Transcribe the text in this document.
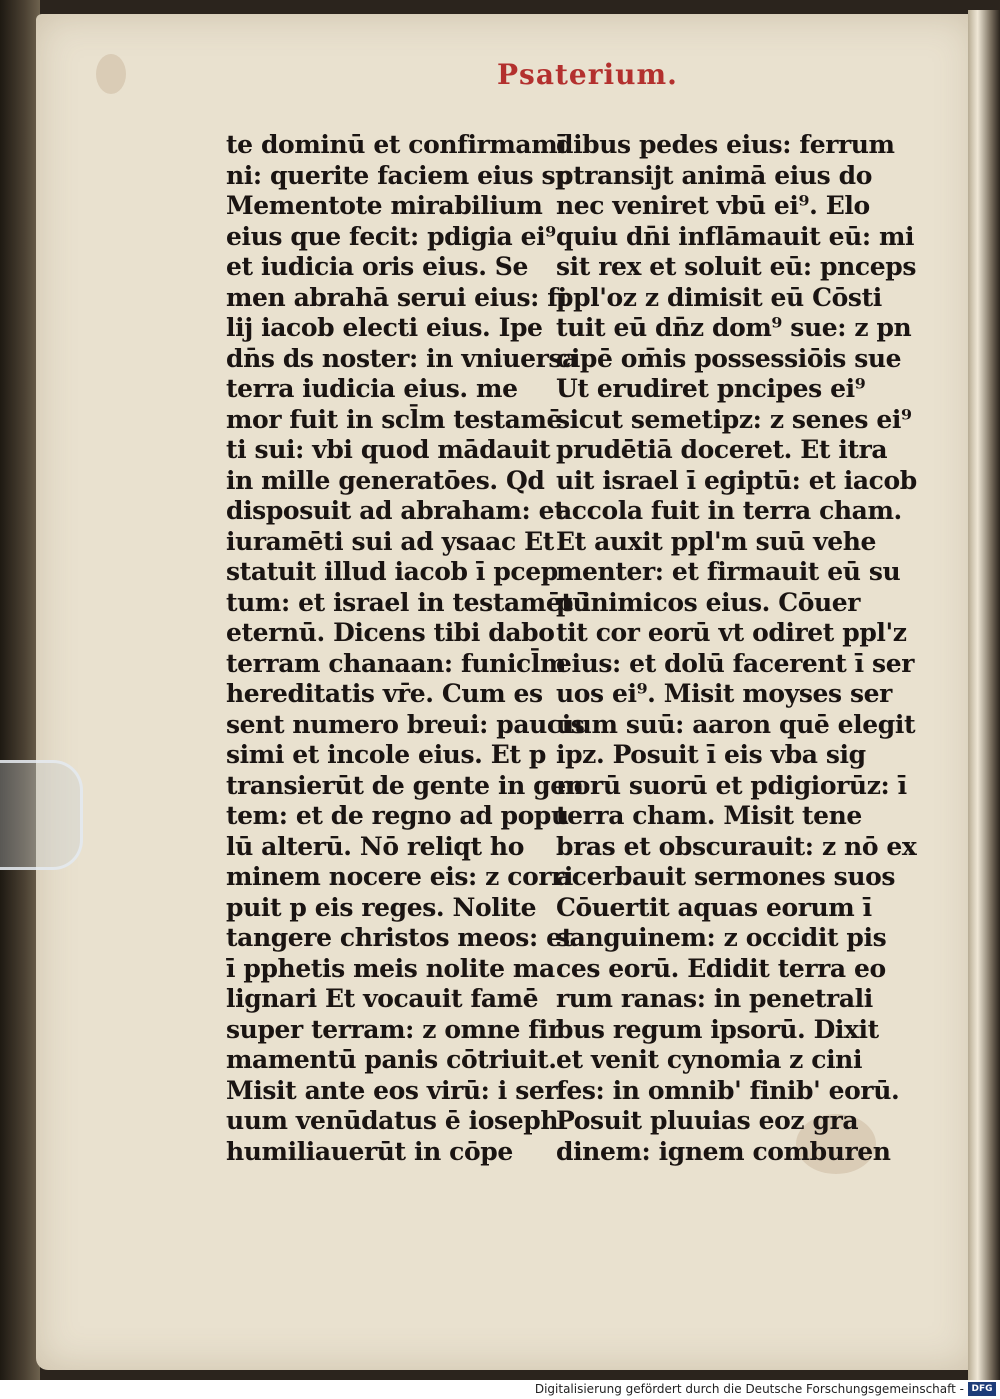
Psaterium.
te dominū et confirmamī
ni: querite faciem eius sp
Mementote mirabilium
eius que fecit: pdigia ei⁹
et iudicia oris eius. Se
men abrahā serui eius: fi
lij iacob electi eius. Ipe
dn̄s ds noster: in vniuersa
terra iudicia eius. me
mor fuit in scl̄m testamē
ti sui: vbi quod mādauit
in mille generatōes. Qd
disposuit ad abraham: et
iuramēti sui ad ysaac Et
statuit illud iacob ī pcep
tum: et israel in testamētū
eternū. Dicens tibi dabo
terram chanaan: funicl̄m
hereditatis vr̄e. Cum es
sent numero breui: paucis
simi et incole eius. Et p
transierūt de gente in gen
tem: et de regno ad popu
lū alterū. Nō reliqt ho
minem nocere eis: z corri
puit p eis reges. Nolite
tangere christos meos: et
ī pphetis meis nolite ma
lignari Et vocauit famē
super terram: z omne fir
mamentū panis cōtriuit.
Misit ante eos virū: i ser
uum venūdatus ē ioseph
humiliauerūt in cōpe
dibus pedes eius: ferrum
ptransijt animā eius do
nec veniret vbū ei⁹. Elo
quiu dn̄i inflāmauit eū: mi
sit rex et soluit eū: pnceps
ppl'oz z dimisit eū Cōsti
tuit eū dn̄z dom⁹ sue: z pn
cipē om̄is possessiōis sue
Ut erudiret pncipes ei⁹
sicut semetipz: z senes ei⁹
prudētiā doceret. Et itra
uit israel ī egiptū: et iacob
accola fuit in terra cham.
Et auxit ppl'm suū vehe
menter: et firmauit eū su
p inimicos eius. Cōuer
tit cor eorū vt odiret ppl'z
eius: et dolū facerent ī ser
uos ei⁹. Misit moyses ser
uum suū: aaron quē elegit
ipz. Posuit ī eis vba sig
norū suorū et pdigiorūz: ī
terra cham. Misit tene
bras et obscurauit: z nō ex
acerbauit sermones suos
Cōuertit aquas eorum ī
sanguinem: z occidit pis
ces eorū. Edidit terra eo
rum ranas: in penetrali
bus regum ipsorū. Dixit
et venit cynomia z cini
fes: in omnib' finib' eorū.
Posuit pluuias eoz gra
dinem: ignem comburen
Digitalisierung gefördert durch die Deutsche Forschungsgemeinschaft - DFG
